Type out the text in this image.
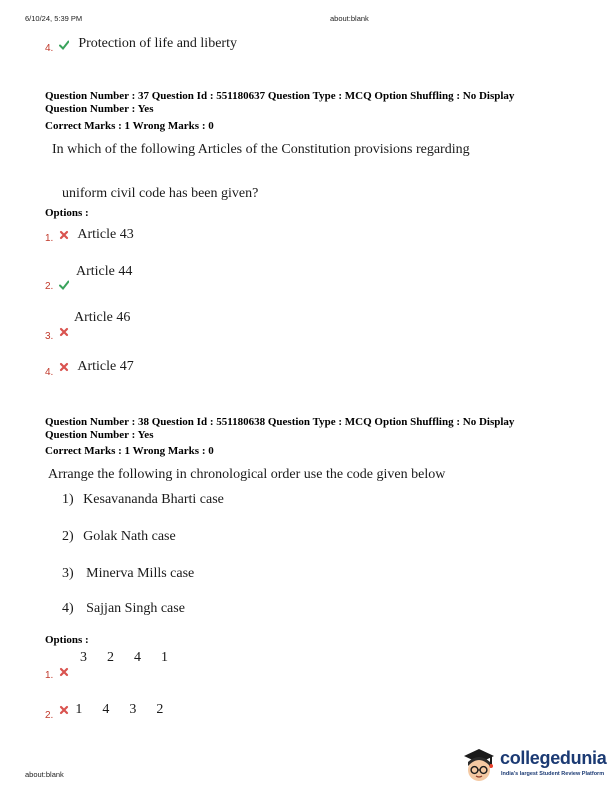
6/10/24, 5:39 PM	about:blank
$_{4.}$ Protection of life and liberty
Question Number : 37 Question Id : 551180637 Question Type : MCQ Option Shuffling : No Display
Question Number : Yes
Correct Marks : 1 Wrong Marks : 0
In which of the following Articles of the Constitution provisions regarding
uniform civil code has been given?
Options :
1. Article 43
Article 44
2.
Article 46
3.
$_{4.}$ Article 47
Question Number : 38 Question Id : 551180638 Question Type : MCQ Option Shuffling : No Display
Question Number : Yes
Correct Marks : 1 Wrong Marks : 0
Arrange the following in chronological order use the code given below
1) Kesavananda Bharti case
2) Golak Nath case
3) Minerva Mills case
4) Sajjan Singh case
Options :
3 2 4 1
1.
$_{2.}$ 1 4 3 2
about:blank
collegedunia
India's largest Student Review Platform
